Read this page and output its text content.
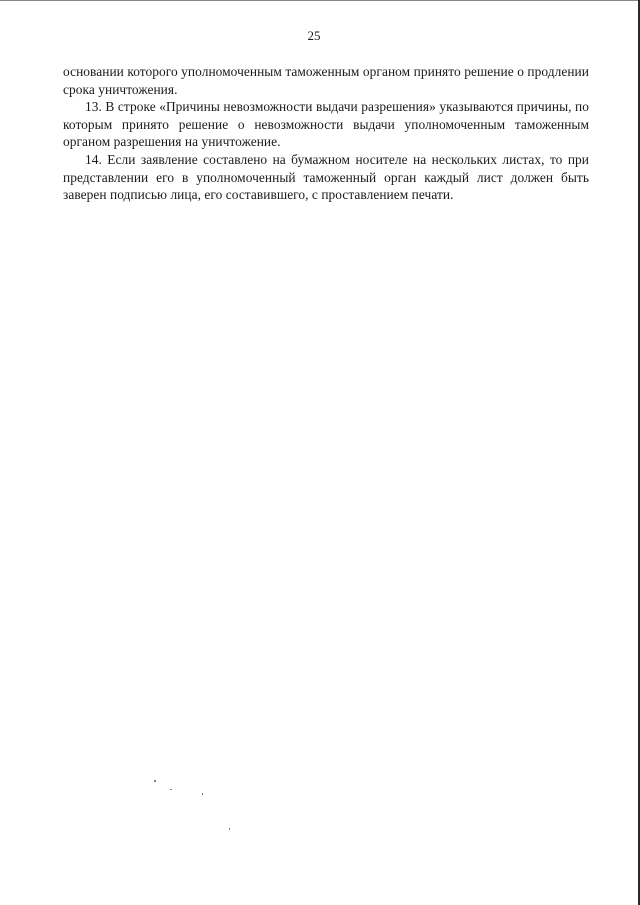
25

основании которого уполномоченным таможенным органом принято решение о продлении срока уничтожения.

13. В строке «Причины невозможности выдачи разрешения» указываются причины, по которым принято решение о невозможности выдачи уполномоченным таможенным органом разрешения на уничтожение.

14. Если заявление составлено на бумажном носителе на нескольких листах, то при представлении его в уполномоченный таможенный орган каждый лист должен быть заверен подписью лица, его составившего, с проставлением печати.
